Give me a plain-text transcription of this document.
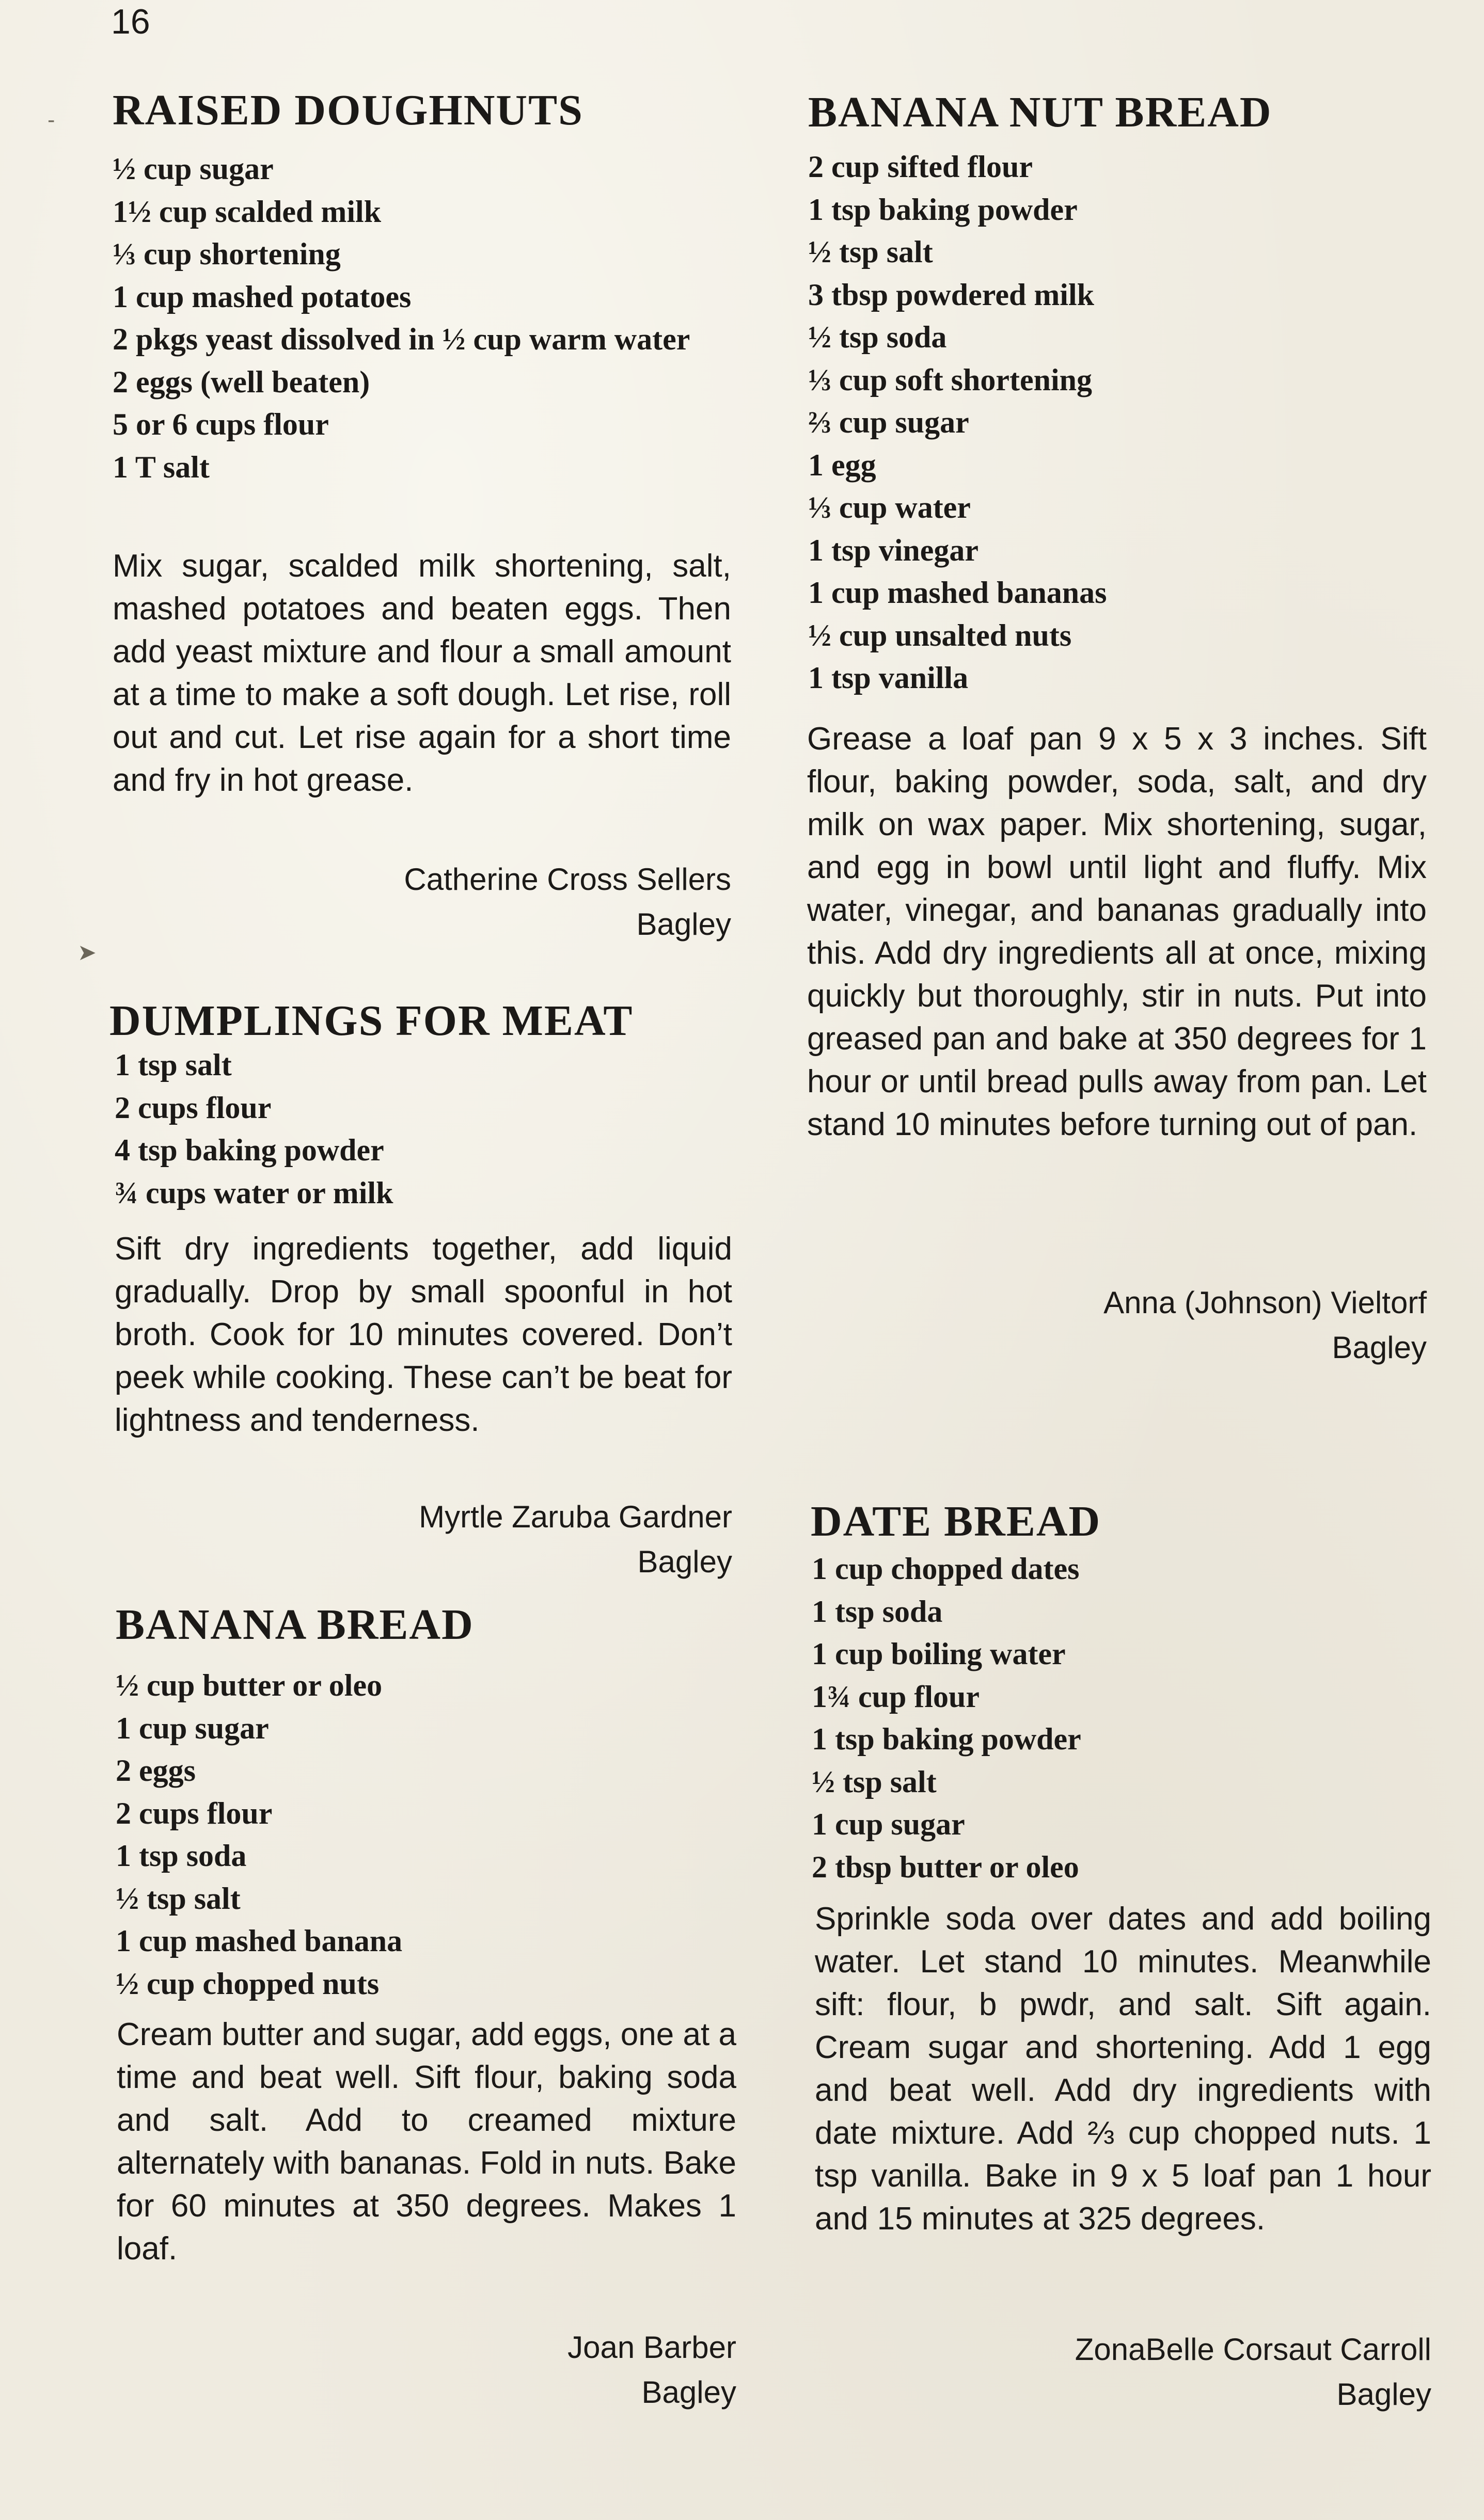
16
-
➤
RAISED DOUGHNUTS
½ cup sugar
1½ cup scalded milk
⅓ cup shortening
1 cup mashed potatoes
2 pkgs yeast dissolved in ½ cup warm water
2 eggs (well beaten)
5 or 6 cups flour
1 T salt

Mix sugar, scalded milk shortening, salt, mashed potatoes and beaten eggs. Then add yeast mixture and flour a small amount at a time to make a soft dough. Let rise, roll out and cut. Let rise again for a short time and fry in hot grease.

Catherine Cross Sellers
Bagley
DUMPLINGS FOR MEAT
1 tsp salt
2 cups flour
4 tsp baking powder
¾ cups water or milk

Sift dry ingredients together, add liquid gradually. Drop by small spoonful in hot broth. Cook for 10 minutes covered. Don’t peek while cooking. These can’t be beat for lightness and tenderness.

Myrtle Zaruba Gardner
Bagley
BANANA BREAD
½ cup butter or oleo
1 cup sugar
2 eggs
2 cups flour
1 tsp soda
½ tsp salt
1 cup mashed banana
½ cup chopped nuts

Cream butter and sugar, add eggs, one at a time and beat well. Sift flour, baking soda and salt. Add to creamed mixture alternately with bananas. Fold in nuts. Bake for 60 minutes at 350 degrees. Makes 1 loaf.

Joan Barber
Bagley
BANANA NUT BREAD
2 cup sifted flour
1 tsp baking powder
½ tsp salt
3 tbsp powdered milk
½ tsp soda
⅓ cup soft shortening
⅔ cup sugar
1 egg
⅓ cup water
1 tsp vinegar
1 cup mashed bananas
½ cup unsalted nuts
1 tsp vanilla

Grease a loaf pan 9 x 5 x 3 inches. Sift flour, baking powder, soda, salt, and dry milk on wax paper. Mix shortening, sugar, and egg in bowl until light and fluffy. Mix water, vinegar, and bananas gradually into this. Add dry ingredients all at once, mixing quickly but thoroughly, stir in nuts. Put into greased pan and bake at 350 degrees for 1 hour or until bread pulls away from pan. Let stand 10 minutes before turning out of pan.

Anna (Johnson) Vieltorf
Bagley
DATE BREAD
1 cup chopped dates
1 tsp soda
1 cup boiling water
1¾ cup flour
1 tsp baking powder
½ tsp salt
1 cup sugar
2 tbsp butter or oleo

Sprinkle soda over dates and add boiling water. Let stand 10 minutes. Meanwhile sift: flour, b pwdr, and salt. Sift again. Cream sugar and shortening. Add 1 egg and beat well. Add dry ingredients with date mixture. Add ⅔ cup chopped nuts. 1 tsp vanilla. Bake in 9 x 5 loaf pan 1 hour and 15 minutes at 325 degrees.

ZonaBelle Corsaut Carroll
Bagley
